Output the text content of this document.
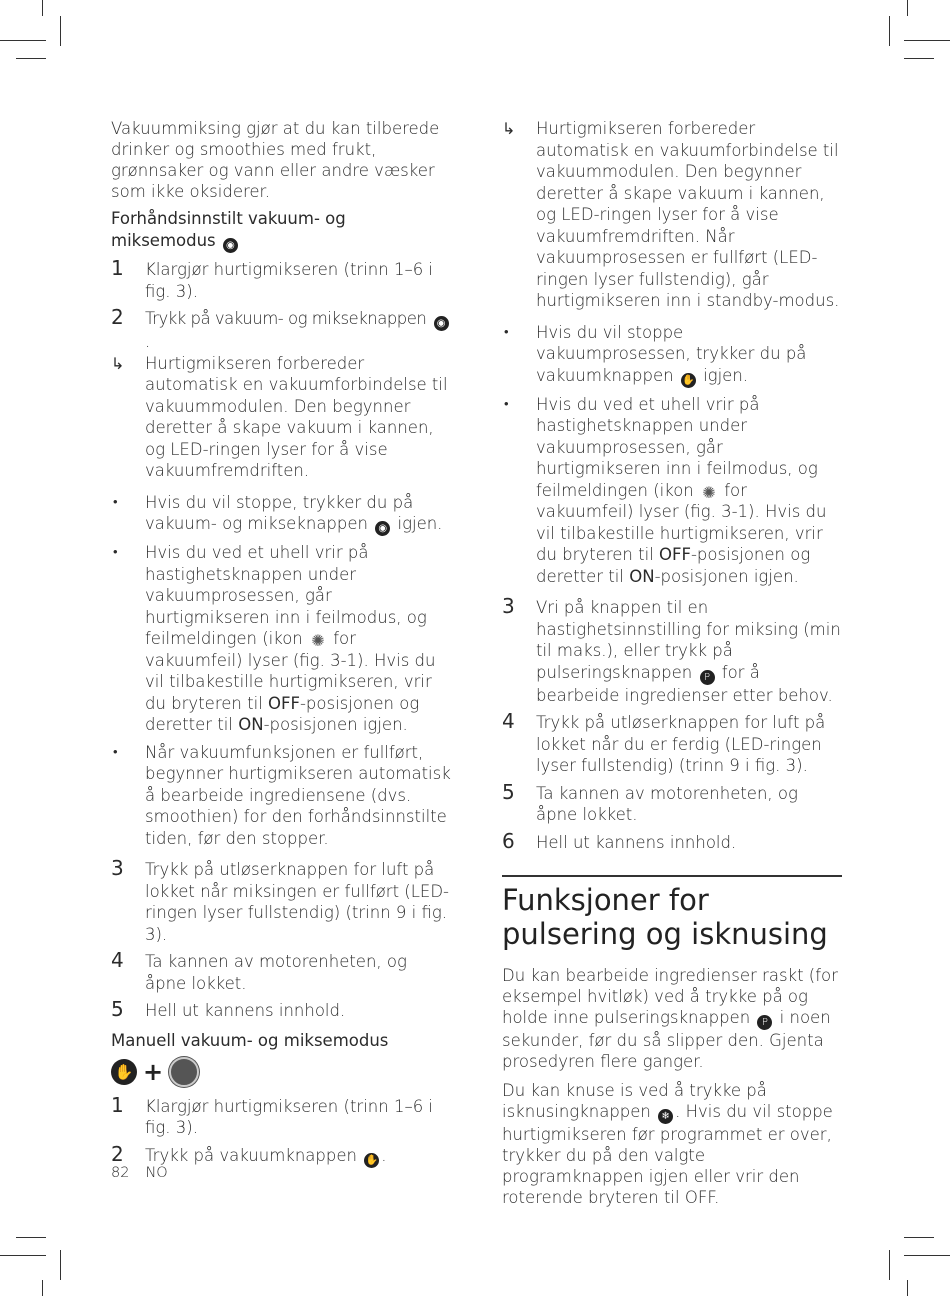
Vakuummiksing gjør at du kan tilberede drinker og smoothies med frukt, grønnsaker og vann eller andre væsker som ikke oksiderer.

Forhåndsinnstilt vakuum- og miksemodus ◉

1 Klargjør hurtigmikseren (trinn 1–6 i fig. 3).
2 Trykk på vakuum- og mikseknappen ◉.
↳ Hurtigmikseren forbereder automatisk en vakuumforbindelse til vakuummodulen. Den begynner deretter å skape vakuum i kannen, og LED-ringen lyser for å vise vakuumfremdriften.
• Hvis du vil stoppe, trykker du på vakuum- og mikseknappen ◉ igjen.
• Hvis du ved et uhell vrir på hastighetsknappen under vakuumprosessen, går hurtigmikseren inn i feilmodus, og feilmeldingen (ikon ✺ for vakuumfeil) lyser (fig. 3-1). Hvis du vil tilbakestille hurtigmikseren, vrir du bryteren til OFF-posisjonen og deretter til ON-posisjonen igjen.
• Når vakuumfunksjonen er fullført, begynner hurtigmikseren automatisk å bearbeide ingrediensene (dvs. smoothien) for den forhåndsinnstilte tiden, før den stopper.
3 Trykk på utløserknappen for luft på lokket når miksingen er fullført (LED-ringen lyser fullstendig) (trinn 9 i fig. 3).
4 Ta kannen av motorenheten, og åpne lokket.
5 Hell ut kannens innhold.

Manuell vakuum- og miksemodus

✋ +
1 Klargjør hurtigmikseren (trinn 1–6 i fig. 3).
2 Trykk på vakuumknappen ✋ .
↳ Hurtigmikseren forbereder automatisk en vakuumforbindelse til vakuummodulen. Den begynner deretter å skape vakuum i kannen, og LED-ringen lyser for å vise vakuumfremdriften. Når vakuumprosessen er fullført (LED-ringen lyser fullstendig), går hurtigmikseren inn i standby-modus.
• Hvis du vil stoppe vakuumprosessen, trykker du på vakuumknappen ✋ igjen.
• Hvis du ved et uhell vrir på hastighetsknappen under vakuumprosessen, går hurtigmikseren inn i feilmodus, og feilmeldingen (ikon ✺ for vakuumfeil) lyser (fig. 3-1). Hvis du vil tilbakestille hurtigmikseren, vrir du bryteren til OFF-posisjonen og deretter til ON-posisjonen igjen.
3 Vri på knappen til en hastighetsinnstilling for miksing (min til maks.), eller trykk på pulseringsknappen P for å bearbeide ingredienser etter behov.
4 Trykk på utløserknappen for luft på lokket når du er ferdig (LED-ringen lyser fullstendig) (trinn 9 i fig. 3).
5 Ta kannen av motorenheten, og åpne lokket.
6 Hell ut kannens innhold.
Funksjoner for pulsering og isknusing

Du kan bearbeide ingredienser raskt (for eksempel hvitløk) ved å trykke på og holde inne pulseringsknappen P i noen sekunder, før du så slipper den. Gjenta prosedyren flere ganger.

Du kan knuse is ved å trykke på isknusingknappen ❄ . Hvis du vil stoppe hurtigmikseren før programmet er over, trykker du på den valgte programknappen igjen eller vrir den roterende bryteren til OFF.

82 NO
